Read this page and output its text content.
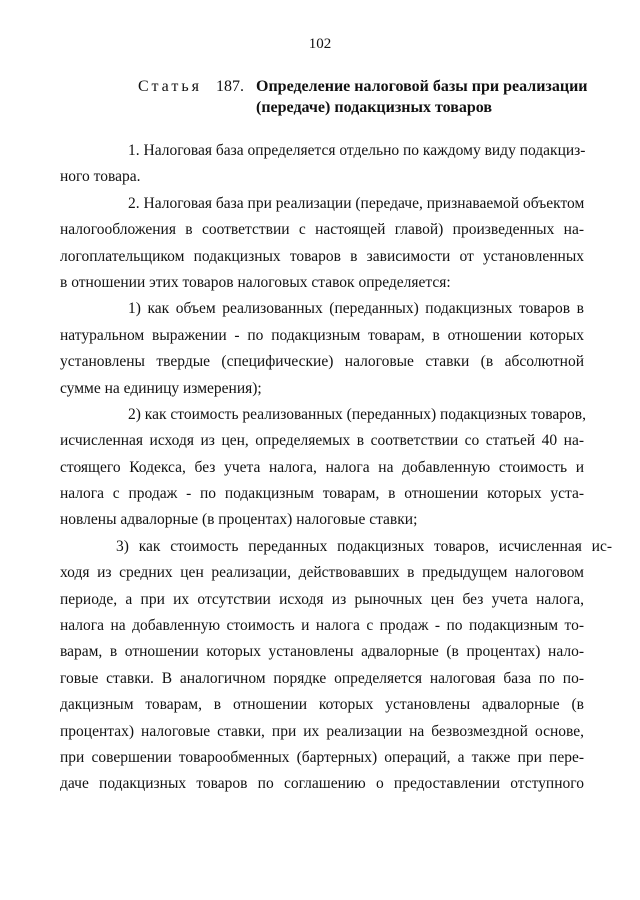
102
Статья 187. Определение налоговой базы при реализации
(передаче) подакцизных товаров
1. Налоговая база определяется отдельно по каждому виду подакциз-
ного товара.
2. Налоговая база при реализации (передаче, признаваемой объектом
налогообложения в соответствии с настоящей главой) произведенных на-
логоплательщиком подакцизных товаров в зависимости от установленных
в отношении этих товаров налоговых ставок определяется:
1) как объем реализованных (переданных) подакцизных товаров в
натуральном выражении - по подакцизным товарам, в отношении которых
установлены твердые (специфические) налоговые ставки (в абсолютной
сумме на единицу измерения);
2) как стоимость реализованных (переданных) подакцизных товаров,
исчисленная исходя из цен, определяемых в соответствии со статьей 40 на-
стоящего Кодекса, без учета налога, налога на добавленную стоимость и
налога с продаж - по подакцизным товарам, в отношении которых уста-
новлены адвалорные (в процентах) налоговые ставки;
3) как стоимость переданных подакцизных товаров, исчисленная ис-
ходя из средних цен реализации, действовавших в предыдущем налоговом
периоде, а при их отсутствии исходя из рыночных цен без учета налога,
налога на добавленную стоимость и налога с продаж - по подакцизным то-
варам, в отношении которых установлены адвалорные (в процентах) нало-
говые ставки. В аналогичном порядке определяется налоговая база по по-
дакцизным товарам, в отношении которых установлены адвалорные (в
процентах) налоговые ставки, при их реализации на безвозмездной основе,
при совершении товарообменных (бартерных) операций, а также при пере-
даче подакцизных товаров по соглашению о предоставлении отступного
